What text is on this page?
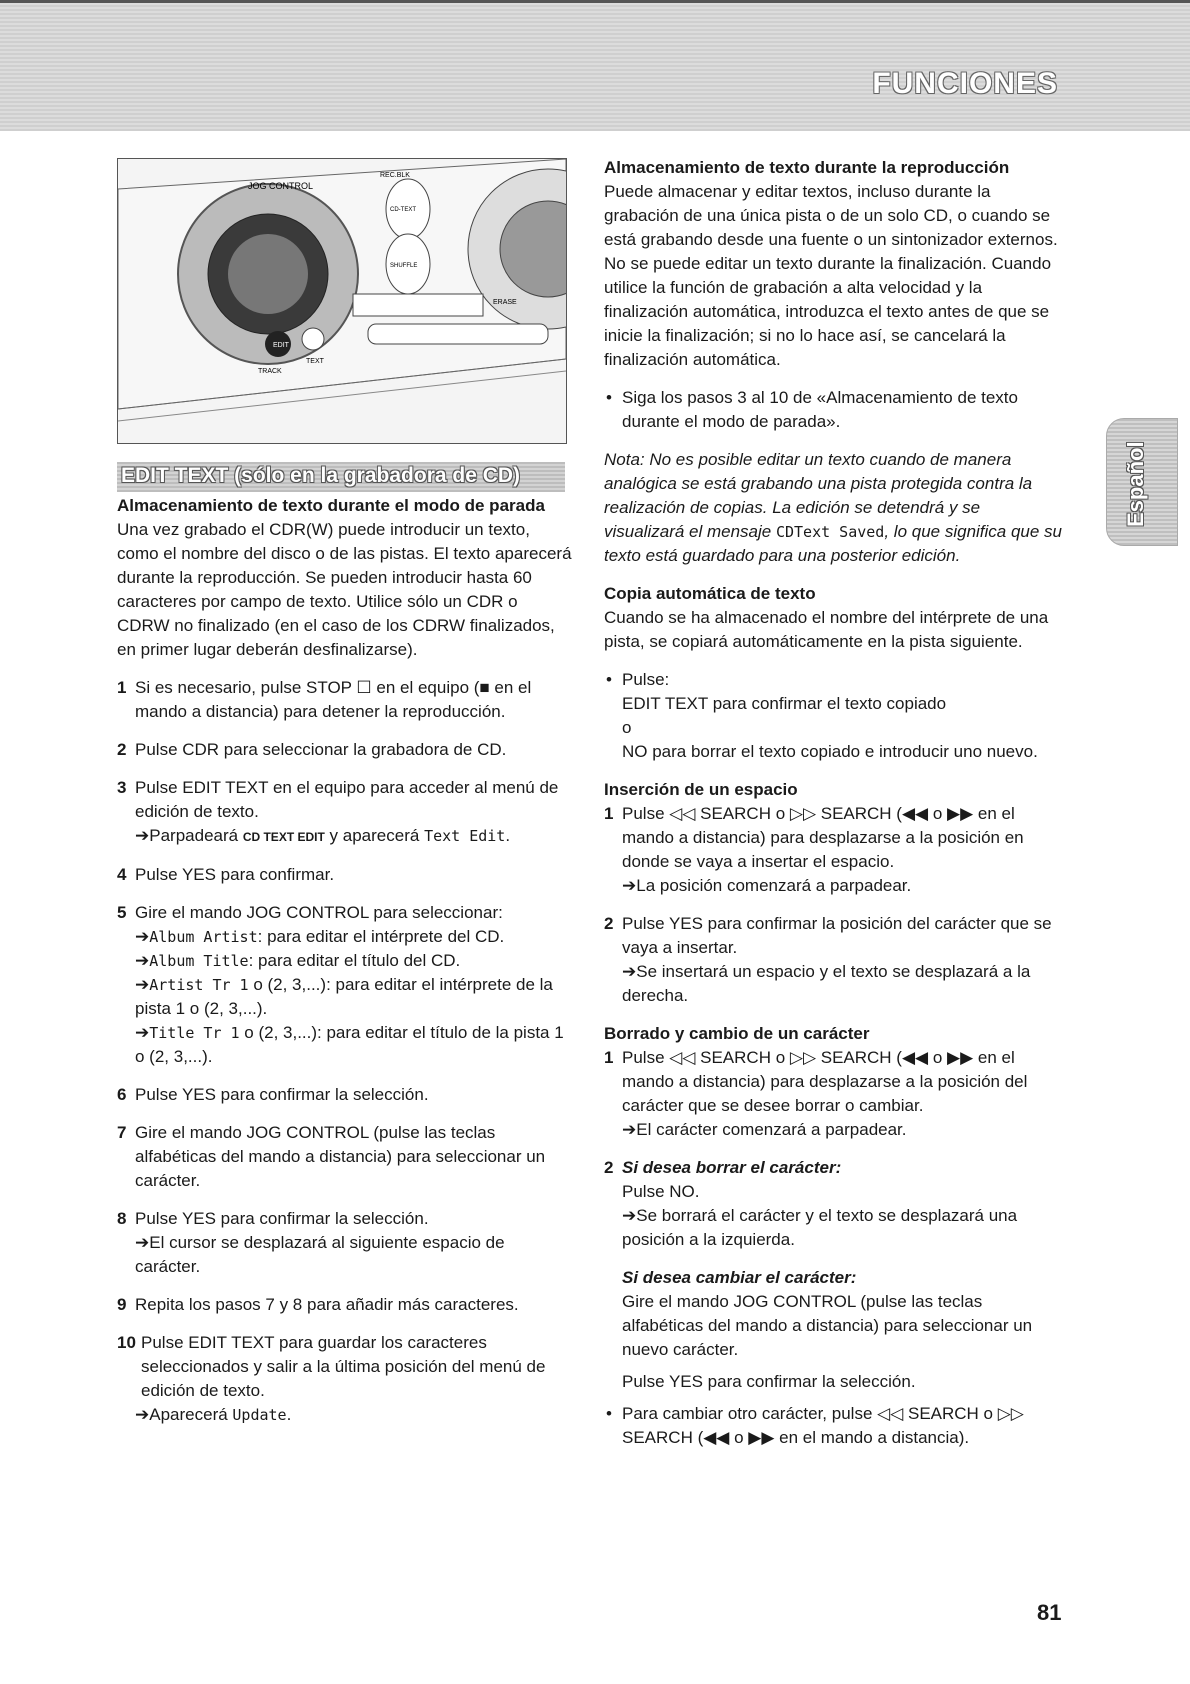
FUNCIONES
JOG CONTROL
EDIT
TRACK
TEXT
REC.BLK
CD-TEXT
SHUFFLE
ERASE
EDIT TEXT (sólo en la grabadora de CD)
Almacenamiento de texto durante el modo de parada

Una vez grabado el CDR(W) puede introducir un texto, como el nombre del disco o de las pistas. El texto aparecerá durante la reproducción. Se pueden introducir hasta 60 caracteres por campo de texto. Utilice sólo un CDR o CDRW no finalizado (en el caso de los CDRW finalizados, en primer lugar deberán desfinalizarse).

1 Si es necesario, pulse STOP ☐ en el equipo (■ en el mando a distancia) para detener la reproducción.
2 Pulse CDR para seleccionar la grabadora de CD.
3 Pulse EDIT TEXT en el equipo para acceder al menú de edición de texto.
➔Parpadeará CD TEXT EDIT y aparecerá Text Edit.
4 Pulse YES para confirmar.
5 Gire el mando JOG CONTROL para seleccionar:
➔Album Artist: para editar el intérprete del CD.
➔Album Title: para editar el título del CD.
➔Artist Tr 1 o (2, 3,...): para editar el intérprete de la pista 1 o (2, 3,...).
➔Title Tr 1 o (2, 3,...): para editar el título de la pista 1 o (2, 3,...).
6 Pulse YES para confirmar la selección.
7 Gire el mando JOG CONTROL (pulse las teclas alfabéticas del mando a distancia) para seleccionar un carácter.
8 Pulse YES para confirmar la selección.
➔El cursor se desplazará al siguiente espacio de carácter.
9 Repita los pasos 7 y 8 para añadir más caracteres.
10 Pulse EDIT TEXT para guardar los caracteres seleccionados y salir a la última posición del menú de edición de texto.
➔Aparecerá Update.
Almacenamiento de texto durante la reproducción

Puede almacenar y editar textos, incluso durante la grabación de una única pista o de un solo CD, o cuando se está grabando desde una fuente o un sintonizador externos. No se puede editar un texto durante la finalización. Cuando utilice la función de grabación a alta velocidad y la finalización automática, introduzca el texto antes de que se inicie la finalización; si no lo hace así, se cancelará la finalización automática.

• Siga los pasos 3 al 10 de «Almacenamiento de texto durante el modo de parada».

Nota: No es posible editar un texto cuando de manera analógica se está grabando una pista protegida contra la realización de copias. La edición se detendrá y se visualizará el mensaje CDText Saved, lo que significa que su texto está guardado para una posterior edición.

Copia automática de texto

Cuando se ha almacenado el nombre del intérprete de una pista, se copiará automáticamente en la pista siguiente.

• Pulse:
EDIT TEXT para confirmar el texto copiado
o
NO para borrar el texto copiado e introducir uno nuevo.
Inserción de un espacio
1 Pulse ◁◁ SEARCH o ▷▷ SEARCH (◀◀ o ▶▶ en el mando a distancia) para desplazarse a la posición en donde se vaya a insertar el espacio.
➔La posición comenzará a parpadear.
2 Pulse YES para confirmar la posición del carácter que se vaya a insertar.
➔Se insertará un espacio y el texto se desplazará a la derecha.
Borrado y cambio de un carácter
1 Pulse ◁◁ SEARCH o ▷▷ SEARCH (◀◀ o ▶▶ en el mando a distancia) para desplazarse a la posición del carácter que se desee borrar o cambiar.
➔El carácter comenzará a parpadear.
2 Si desea borrar el carácter:
Pulse NO.
➔Se borrará el carácter y el texto se desplazará una posición a la izquierda.
Si desea cambiar el carácter:
Gire el mando JOG CONTROL (pulse las teclas alfabéticas del mando a distancia) para seleccionar un nuevo carácter.
Pulse YES para confirmar la selección.
• Para cambiar otro carácter, pulse ◁◁ SEARCH o ▷▷ SEARCH (◀◀ o ▶▶ en el mando a distancia).
Español
81
